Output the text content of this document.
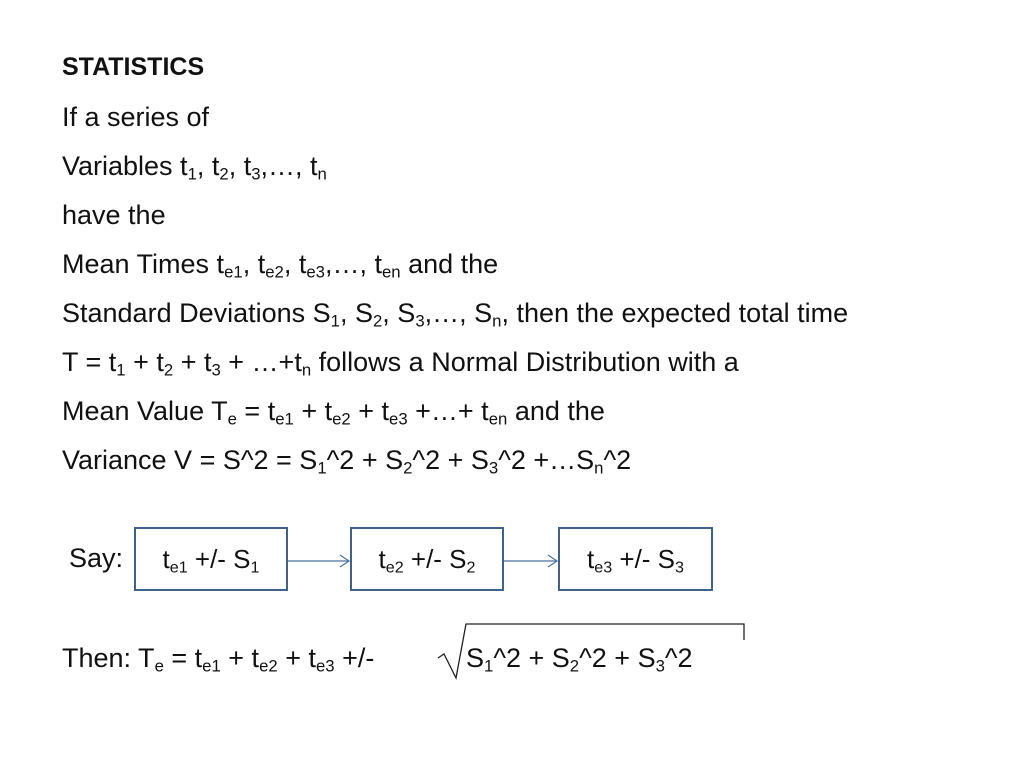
STATISTICS
If a series of
Variables $t_1$, $t_2$, $t_3,\dots$, $t_n$
have the
Mean Times $t_{e1}$, $t_{e2}$, $t_{e3},\dots$, $t_{en}$ and the
Standard Deviations $S_1$, $S_2$, $S_3,\dots$, $S_n$, then the expected total time
$T = t_1 + t_2 + t_3$ + $\dots+t_n$ follows a Normal Distribution with a
Mean Value $T_e = t_{e1} + t_{e2} + t_{e3}$ +…+ $t_{en}$ and the
Variance V = S^2 = $S_1\^{}2$ + $S_2\^{}2$ + $S_3\^{}2$ $+\dots S_n\^{}2$
Say: $t_{e1}$ +/- $S_1$	$t_{e2}$ +/- $S_2$	$t_{e3}$ +/- $S_3$
Then: $T_e = t_{e1} + t_{e2} + t_{e3}$ +/-	$S_1\^{}2$ + $S_2\^{}2$ + $S_3\^{}2$
